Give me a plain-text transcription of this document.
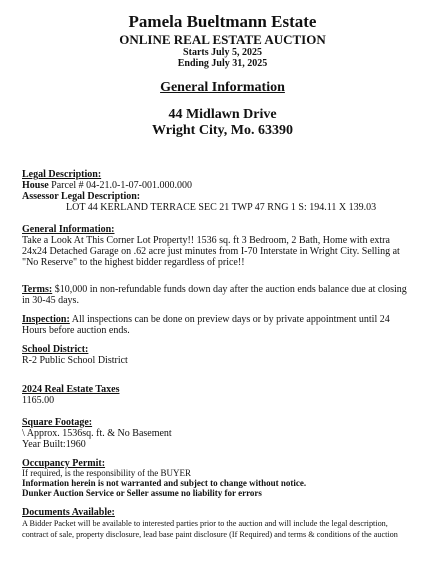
Pamela Bueltmann Estate
ONLINE REAL ESTATE AUCTION
Starts July 5, 2025
Ending July 31, 2025
General Information
44 Midlawn Drive
Wright City, Mo. 63390
Legal Description:
House Parcel # 04-21.0-1-07-001.000.000
Assessor Legal Description:
LOT 44 KERLAND TERRACE SEC 21 TWP 47 RNG 1 S: 194.11 X 139.03
General Information:
Take a Look At This Corner Lot Property!! 1536 sq. ft 3 Bedroom, 2 Bath, Home with extra
24x24 Detached Garage on .62 acre just minutes from I-70 Interstate in Wright City. Selling at
"No Reserve" to the highest bidder regardless of price!!
Terms: $10,000 in non-refundable funds down day after the auction ends balance due at closing
in 30-45 days.
Inspection: All inspections can be done on preview days or by private appointment until 24
Hours before auction ends.
School District:
R-2 Public School District
2024 Real Estate Taxes
1165.00
Square Footage:
\ Approx. 1536sq. ft. & No Basement
Year Built:1960
Occupancy Permit:
If required, is the responsibility of the BUYER
Information herein is not warranted and subject to change without notice.
Dunker Auction Service or Seller assume no liability for errors
Documents Available:
A Bidder Packet will be available to interested parties prior to the auction and will include the legal description,
contract of sale, property disclosure, lead base paint disclosure (If Required) and terms & conditions of the auction
